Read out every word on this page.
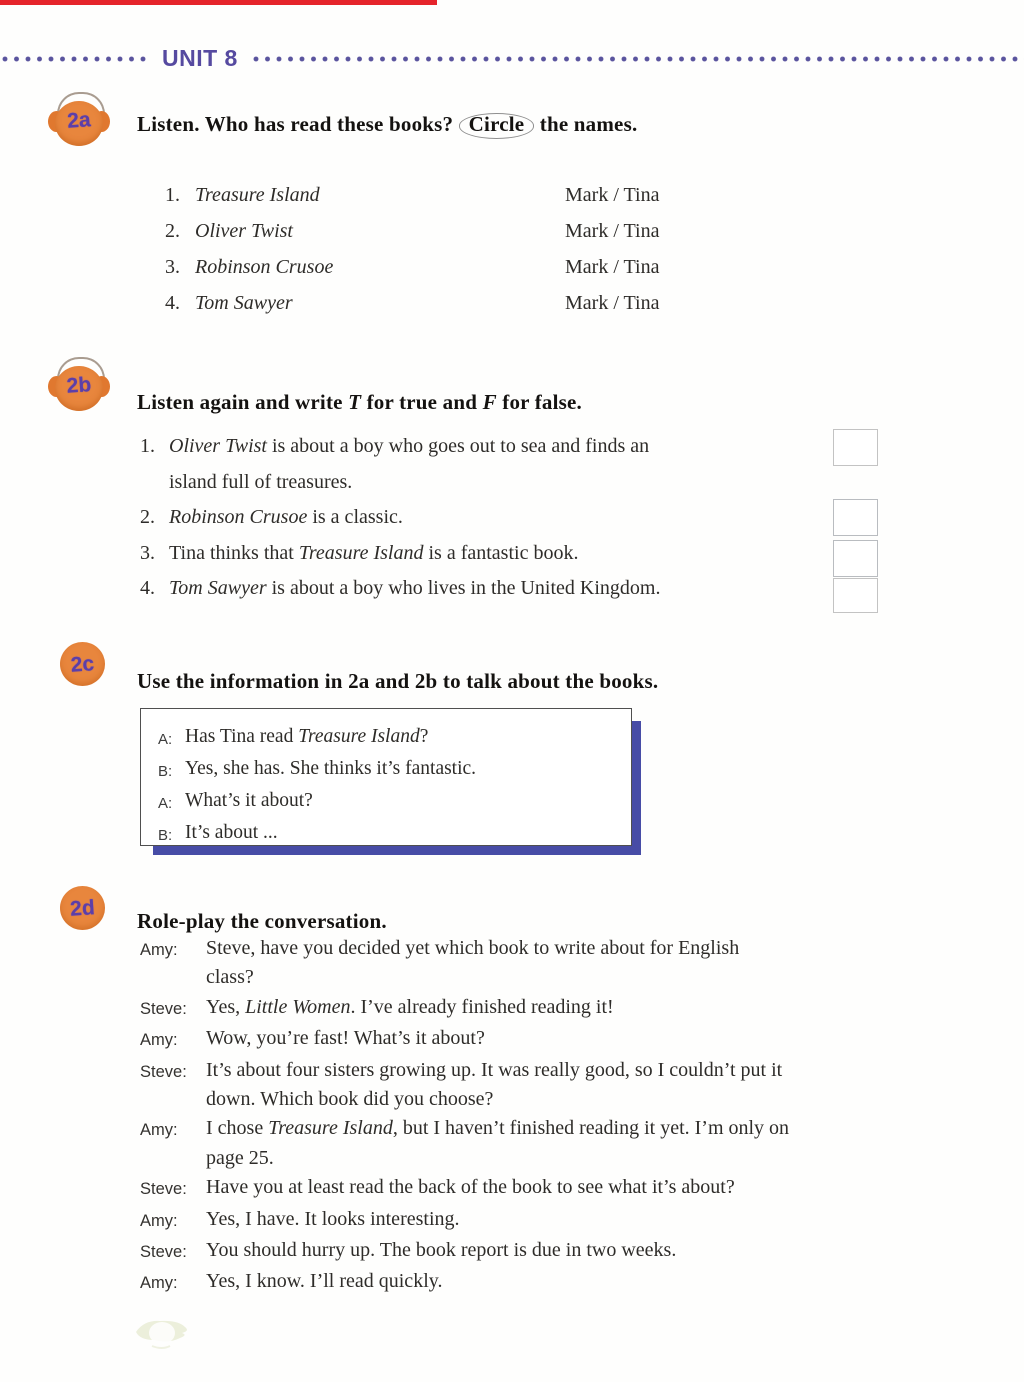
UNIT 8
2a	Listen. Who has read these books? Circle the names.
1. Treasure Island	Mark / Tina
2. Oliver Twist	Mark / Tina
3. Robinson Crusoe	Mark / Tina
4. Tom Sawyer	Mark / Tina
2b
Listen again and write T for true and F for false.
1. Oliver Twist is about a boy who goes out to sea and finds an
island full of treasures.
2. Robinson Crusoe is a classic.
3. Tina thinks that Treasure Island is a fantastic book.
4. Tom Sawyer is about a boy who lives in the United Kingdom.
2c
Use the information in 2a and 2b to talk about the books.
A: Has Tina read Treasure Island?
B: Yes, she has. She thinks it’s fantastic.
A: What’s it about?
B: It’s about ...
2d
Role-play the conversation.
Amy:	Steve, have you decided yet which book to write about for English
class?
Steve: Yes, Little Women. I’ve already finished reading it!
Amy:	Wow, you’re fast! What’s it about?
Steve: It’s about four sisters growing up. It was really good, so I couldn’t put it
down. Which book did you choose?
Amy:	I chose Treasure Island, but I haven’t finished reading it yet. I’m only on
page 25.
Steve: Have you at least read the back of the book to see what it’s about?
Amy:	Yes, I have. It looks interesting.
Steve: You should hurry up. The book report is due in two weeks.
Amy:	Yes, I know. I’ll read quickly.
